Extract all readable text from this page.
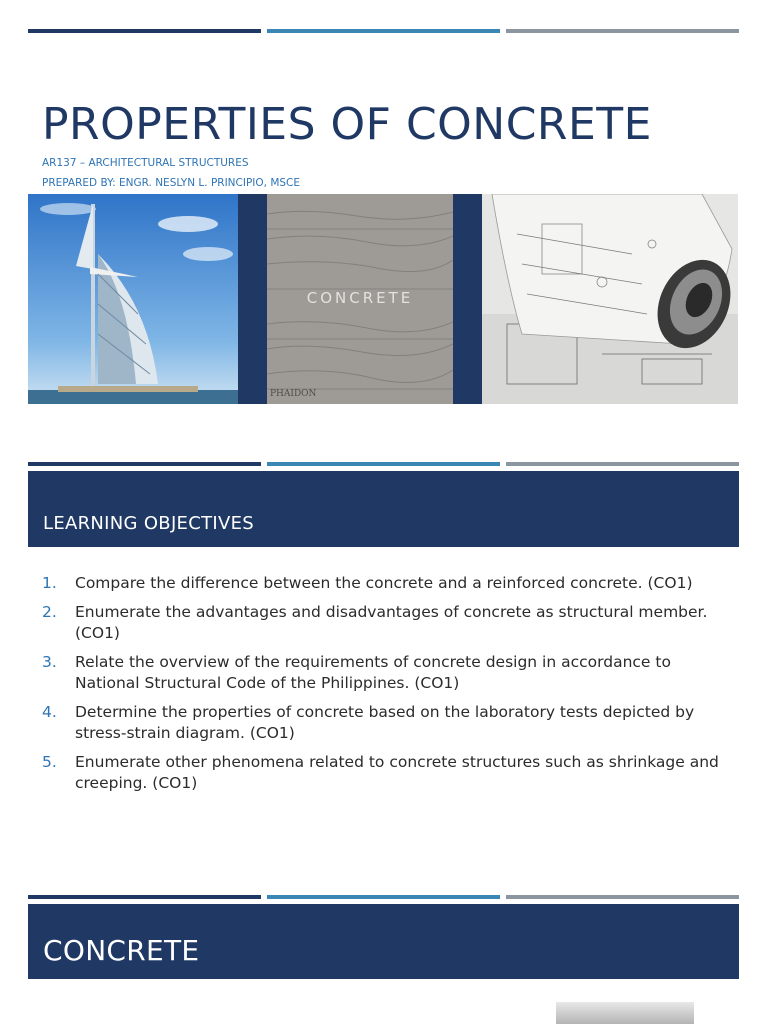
PROPERTIES OF CONCRETE
AR137 – ARCHITECTURAL STRUCTURES
PREPARED BY: ENGR. NESLYN L. PRINCIPIO, MSCE
CONCRETE
PHAIDON
LEARNING OBJECTIVES
1.	Compare the difference between the concrete and a reinforced concrete. (CO1)
2.	Enumerate the advantages and disadvantages of concrete as structural member. (CO1)
3.	Relate the overview of the requirements of concrete design in accordance to National Structural Code of the Philippines. (CO1)
4.	Determine the properties of concrete based on the laboratory tests depicted by stress-strain diagram. (CO1)
5.	Enumerate other phenomena related to concrete structures such as shrinkage and creeping. (CO1)
CONCRETE
